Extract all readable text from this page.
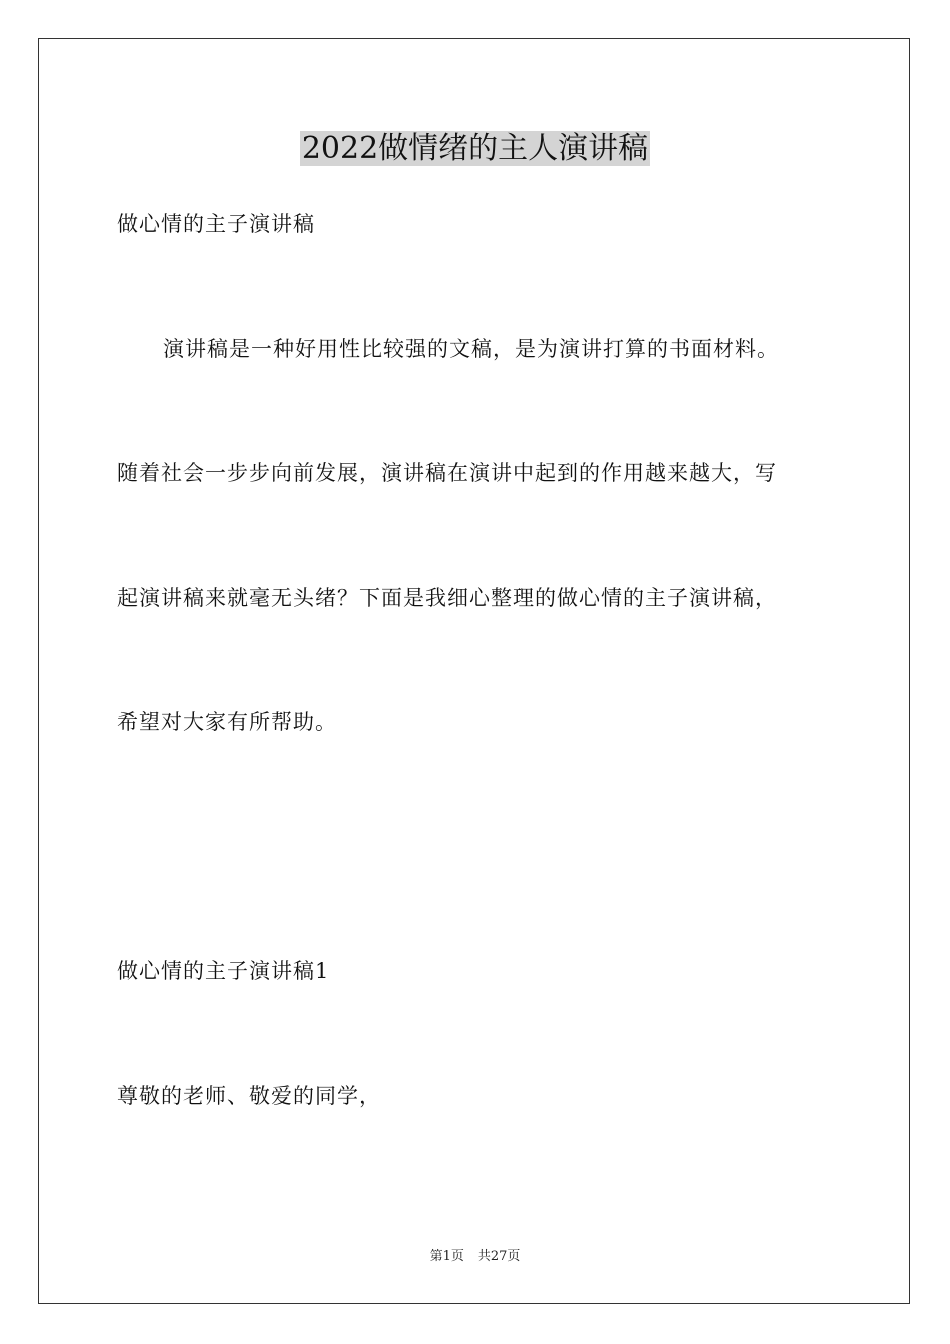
2022做情绪的主人演讲稿
做心情的主子演讲稿
演讲稿是一种好用性比较强的文稿，是为演讲打算的书面材料。
随着社会一步步向前发展，演讲稿在演讲中起到的作用越来越大，写
起演讲稿来就毫无头绪？下面是我细心整理的做心情的主子演讲稿，
希望对大家有所帮助。
做心情的主子演讲稿1
尊敬的老师、敬爱的同学，
第1页 共27页
